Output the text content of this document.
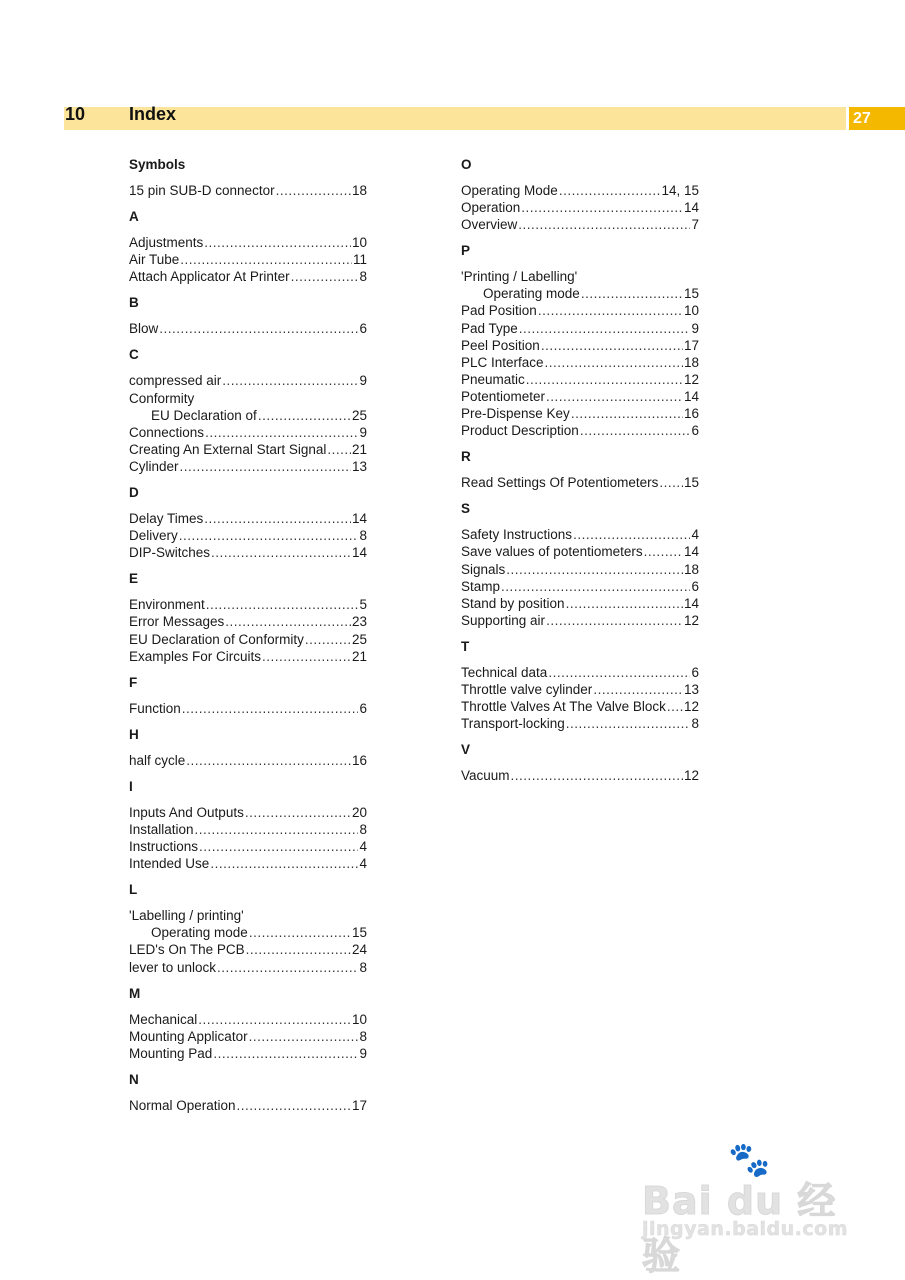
10 Index	27
Symbols
15 pin SUB-D connector .....	18
A
Adjustments .....	10
Air Tube .....	11
Attach Applicator At Printer .....	8
B
Blow .....	6
C
compressed air .....	9
Conformity
EU Declaration of .....	25
Connections .....	9
Creating An External Start Signal ..... 21
Cylinder .....	13
D
Delay Times .....	14
Delivery .....	8
DIP-Switches .....	14
E
Environment .....	5
Error Messages .....	23
EU Declaration of Conformity .....	25
Examples For Circuits .....	21
F
Function .....	6
H
half cycle .....	16
I
Inputs And Outputs .....	20
Installation .....	8
Instructions .....	4
Intended Use .....	4
L
'Labelling / printing'
Operating mode .....	15
LED's On The PCB .....	24
lever to unlock .....	8
M
Mechanical .....	10
Mounting Applicator .....	8
Mounting Pad .....	9
N
Normal Operation .....	17
O
Operating Mode .....	14, 15
Operation .....	14
Overview .....	7
P
'Printing / Labelling'
Operating mode .....	15
Pad Position .....	10
Pad Type .....	9
Peel Position .....	17
PLC Interface .....	18
Pneumatic .....	12
Potentiometer .....	14
Pre-Dispense Key .....	16
Product Description .....	6
R
Read Settings Of Potentiometers ..... 15
S
Safety Instructions .....	4
Save values of potentiometers .....	14
Signals .....	18
Stamp .....	6
Stand by position .....	14
Supporting air .....	12
T
Technical data .....	6
Throttle valve cylinder .....	13
Throttle Valves At The Valve Block ..... 12
Transport-locking .....	8
V
Vacuum .....	12
🐾
Bai du 经验
jingyan.baidu.com
